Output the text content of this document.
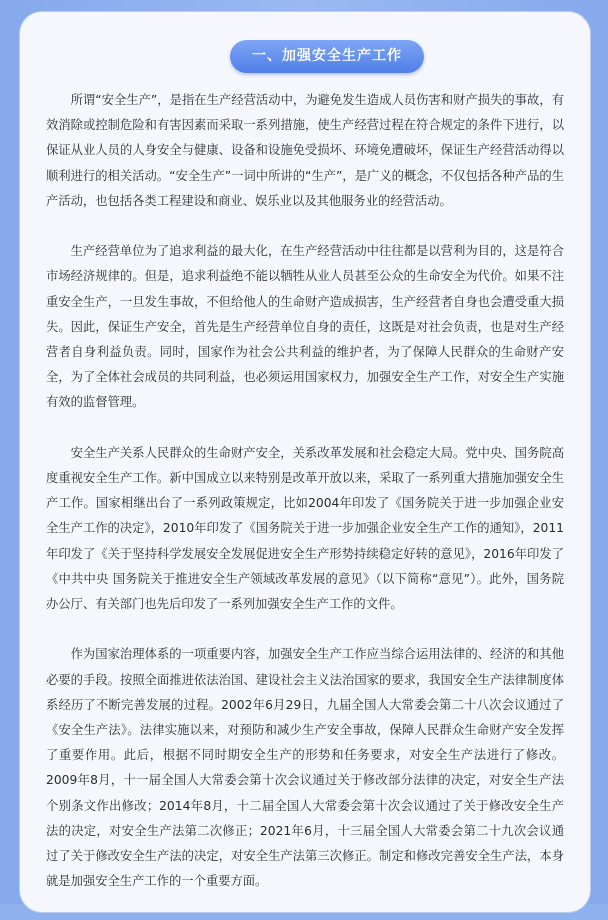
一、加强安全生产工作

所谓“安全生产”，是指在生产经营活动中，为避免发生造成人员伤害和财产损失的事故，有效消除或控制危险和有害因素而采取一系列措施，使生产经营过程在符合规定的条件下进行，以保证从业人员的人身安全与健康、设备和设施免受损坏、环境免遭破坏，保证生产经营活动得以顺利进行的相关活动。“安全生产”一词中所讲的“生产”，是广义的概念，不仅包括各种产品的生产活动，也包括各类工程建设和商业、娱乐业以及其他服务业的经营活动。

生产经营单位为了追求利益的最大化，在生产经营活动中往往都是以营利为目的，这是符合市场经济规律的。但是，追求利益绝不能以牺牲从业人员甚至公众的生命安全为代价。如果不注重安全生产，一旦发生事故，不但给他人的生命财产造成损害，生产经营者自身也会遭受重大损失。因此，保证生产安全，首先是生产经营单位自身的责任，这既是对社会负责，也是对生产经营者自身利益负责。同时，国家作为社会公共利益的维护者，为了保障人民群众的生命财产安全，为了全体社会成员的共同利益，也必须运用国家权力，加强安全生产工作，对安全生产实施有效的监督管理。

安全生产关系人民群众的生命财产安全，关系改革发展和社会稳定大局。党中央、国务院高度重视安全生产工作。新中国成立以来特别是改革开放以来，采取了一系列重大措施加强安全生产工作。国家相继出台了一系列政策规定，比如2004年印发了《国务院关于进一步加强企业安全生产工作的决定》，2010年印发了《国务院关于进一步加强企业安全生产工作的通知》，2011年印发了《关于坚持科学发展安全发展促进安全生产形势持续稳定好转的意见》，2016年印发了《中共中央 国务院关于推进安全生产领域改革发展的意见》（以下简称“意见”）。此外，国务院办公厅、有关部门也先后印发了一系列加强安全生产工作的文件。

作为国家治理体系的一项重要内容，加强安全生产工作应当综合运用法律的、经济的和其他必要的手段。按照全面推进依法治国、建设社会主义法治国家的要求，我国安全生产法律制度体系经历了不断完善发展的过程。2002年6月29日，九届全国人大常委会第二十八次会议通过了《安全生产法》。法律实施以来，对预防和减少生产安全事故，保障人民群众生命财产安全发挥了重要作用。此后，根据不同时期安全生产的形势和任务要求，对安全生产法进行了修改。2009年8月，十一届全国人大常委会第十次会议通过关于修改部分法律的决定，对安全生产法个别条文作出修改；2014年8月，十二届全国人大常委会第十次会议通过了关于修改安全生产法的决定，对安全生产法第二次修正；2021年6月，十三届全国人大常委会第二十九次会议通过了关于修改安全生产法的决定，对安全生产法第三次修正。制定和修改完善安全生产法，本身就是加强安全生产工作的一个重要方面。
